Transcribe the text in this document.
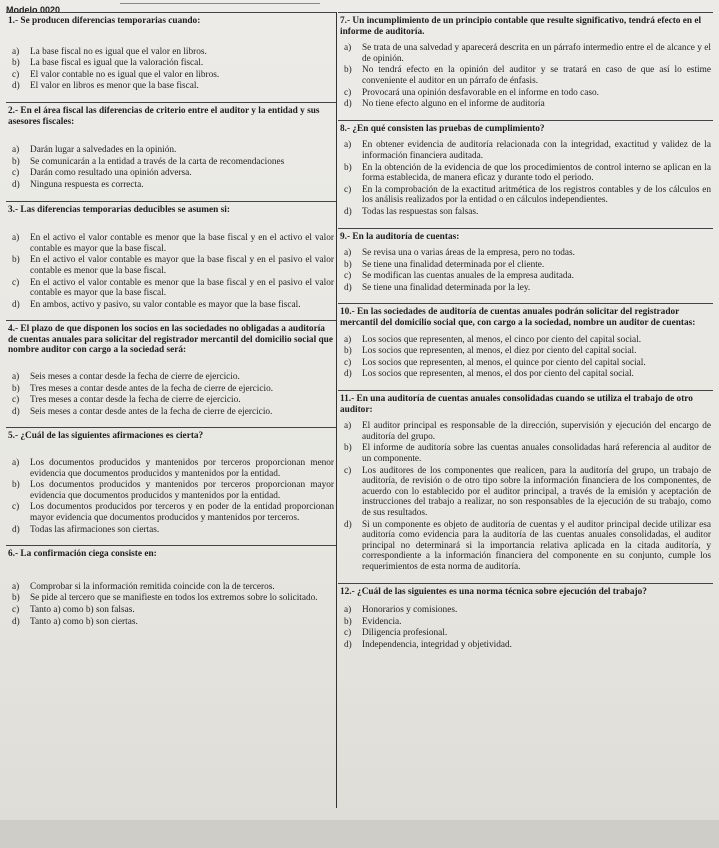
Modelo 0020
1.- Se producen diferencias temporarias cuando:
a)	La base fiscal no es igual que el valor en libros.
b)	La base fiscal es igual que la valoración fiscal.
c)	El valor contable no es igual que el valor en libros.
d)	El valor en libros es menor que la base fiscal.
2.- En el área fiscal las diferencias de criterio entre el auditor y la entidad y sus asesores fiscales:
a)	Darán lugar a salvedades en la opinión.
b)	Se comunicarán a la entidad a través de la carta de recomendaciones
c)	Darán como resultado una opinión adversa.
d)	Ninguna respuesta es correcta.
3.- Las diferencias temporarias deducibles se asumen si:
a)	En el activo el valor contable es menor que la base fiscal y en el activo el valor contable es mayor que la base fiscal.
b)	En el activo el valor contable es mayor que la base fiscal y en el pasivo el valor contable es menor que la base fiscal.
c)	En el activo el valor contable es menor que la base fiscal y en el pasivo el valor contable es mayor que la base fiscal.
d)	En ambos, activo y pasivo, su valor contable es mayor que la base fiscal.
4.- El plazo de que disponen los socios en las sociedades no obligadas a auditoría de cuentas anuales para solicitar del registrador mercantil del domicilio social que nombre auditor con cargo a la sociedad será:
a)	Seis meses a contar desde la fecha de cierre de ejercicio.
b)	Tres meses a contar desde antes de la fecha de cierre de ejercicio.
c)	Tres meses a contar desde la fecha de cierre de ejercicio.
d)	Seis meses a contar desde antes de la fecha de cierre de ejercicio.
5.- ¿Cuál de las siguientes afirmaciones es cierta?
a)	Los documentos producidos y mantenidos por terceros proporcionan menor evidencia que documentos producidos y mantenidos por la entidad.
b)	Los documentos producidos y mantenidos por terceros proporcionan mayor evidencia que documentos producidos y mantenidos por la entidad.
c)	Los documentos producidos por terceros y en poder de la entidad proporcionan mayor evidencia que documentos producidos y mantenidos por terceros.
d)	Todas las afirmaciones son ciertas.
6.- La confirmación ciega consiste en:
a)	Comprobar si la información remitida coincide con la de terceros.
b)	Se pide al tercero que se manifieste en todos los extremos sobre lo solicitado.
c)	Tanto a) como b) son falsas.
d)	Tanto a) como b) son ciertas.
7.- Un incumplimiento de un principio contable que resulte significativo, tendrá efecto en el informe de auditoría.
a)	Se trata de una salvedad y aparecerá descrita en un párrafo intermedio entre el de alcance y el de opinión.
b)	No tendrá efecto en la opinión del auditor y se tratará en caso de que así lo estime conveniente el auditor en un párrafo de énfasis.
c)	Provocará una opinión desfavorable en el informe en todo caso.
d)	No tiene efecto alguno en el informe de auditoría
8.- ¿En qué consisten las pruebas de cumplimiento?
a)	En obtener evidencia de auditoría relacionada con la integridad, exactitud y validez de la información financiera auditada.
b)	En la obtención de la evidencia de que los procedimientos de control interno se aplican en la forma establecida, de manera eficaz y durante todo el periodo.
c)	En la comprobación de la exactitud aritmética de los registros contables y de los cálculos en los análisis realizados por la entidad o en cálculos independientes.
d)	Todas las respuestas son falsas.
9.- En la auditoría de cuentas:
a)	Se revisa una o varias áreas de la empresa, pero no todas.
b)	Se tiene una finalidad determinada por el cliente.
c)	Se modifican las cuentas anuales de la empresa auditada.
d)	Se tiene una finalidad determinada por la ley.
10.- En las sociedades de auditoría de cuentas anuales podrán solicitar del registrador mercantil del domicilio social que, con cargo a la sociedad, nombre un auditor de cuentas:
a)	Los socios que representen, al menos, el cinco por ciento del capital social.
b)	Los socios que representen, al menos, el diez por ciento del capital social.
c)	Los socios que representen, al menos, el quince por ciento del capital social.
d)	Los socios que representen, al menos, el dos por ciento del capital social.
11.- En una auditoría de cuentas anuales consolidadas cuando se utiliza el trabajo de otro auditor:
a)	El auditor principal es responsable de la dirección, supervisión y ejecución del encargo de auditoría del grupo.
b)	El informe de auditoría sobre las cuentas anuales consolidadas hará referencia al auditor de un componente.
c)	Los auditores de los componentes que realicen, para la auditoría del grupo, un trabajo de auditoría, de revisión o de otro tipo sobre la información financiera de los componentes, de acuerdo con lo establecido por el auditor principal, a través de la emisión y aceptación de instrucciones del trabajo a realizar, no son responsables de la ejecución de su trabajo, como de sus resultados.
d)	Si un componente es objeto de auditoría de cuentas y el auditor principal decide utilizar esa auditoría como evidencia para la auditoría de las cuentas anuales consolidadas, el auditor principal no determinará si la importancia relativa aplicada en la citada auditoría, y correspondiente a la información financiera del componente en su conjunto, cumple los requerimientos de esta norma de auditoría.
12.- ¿Cuál de las siguientes es una norma técnica sobre ejecución del trabajo?
a)	Honorarios y comisiones.
b)	Evidencia.
c)	Diligencia profesional.
d)	Independencia, integridad y objetividad.
